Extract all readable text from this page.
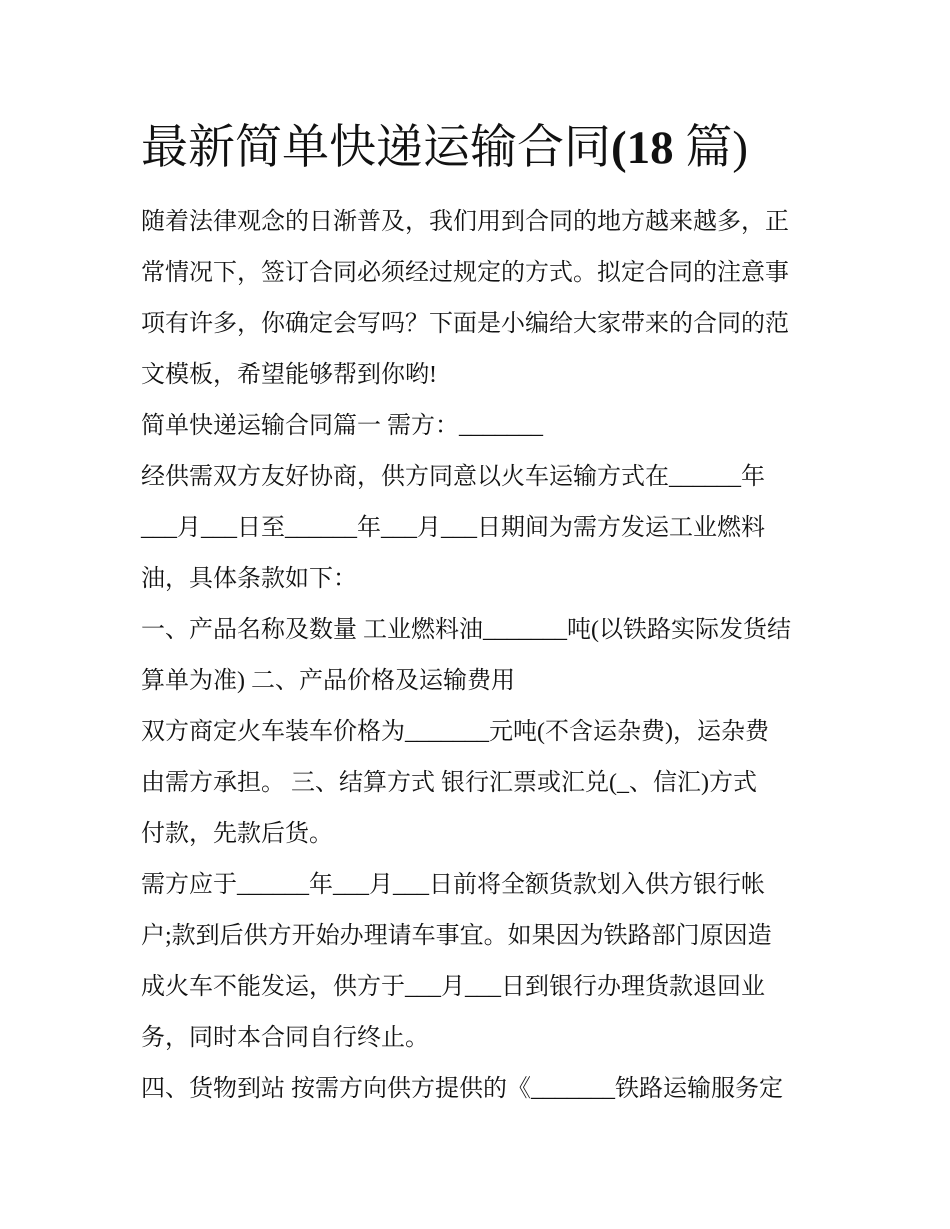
最新简单快递运输合同(18 篇)
随着法律观念的日渐普及，我们用到合同的地方越来越多，正
常情况下，签订合同必须经过规定的方式。拟定合同的注意事
项有许多，你确定会写吗？下面是小编给大家带来的合同的范
文模板，希望能够帮到你哟!
简单快递运输合同篇一 需方：_______
经供需双方友好协商，供方同意以火车运输方式在______年
___月___日至______年___月___日期间为需方发运工业燃料
油，具体条款如下：
一、产品名称及数量 工业燃料油_______吨(以铁路实际发货结
算单为准) 二、产品价格及运输费用
双方商定火车装车价格为_______元吨(不含运杂费)，运杂费
由需方承担。 三、结算方式 银行汇票或汇兑(_、信汇)方式
付款，先款后货。
需方应于______年___月___日前将全额货款划入供方银行帐
户;款到后供方开始办理请车事宜。如果因为铁路部门原因造
成火车不能发运，供方于___月___日到银行办理货款退回业
务，同时本合同自行终止。
四、货物到站 按需方向供方提供的《_______铁路运输服务定
